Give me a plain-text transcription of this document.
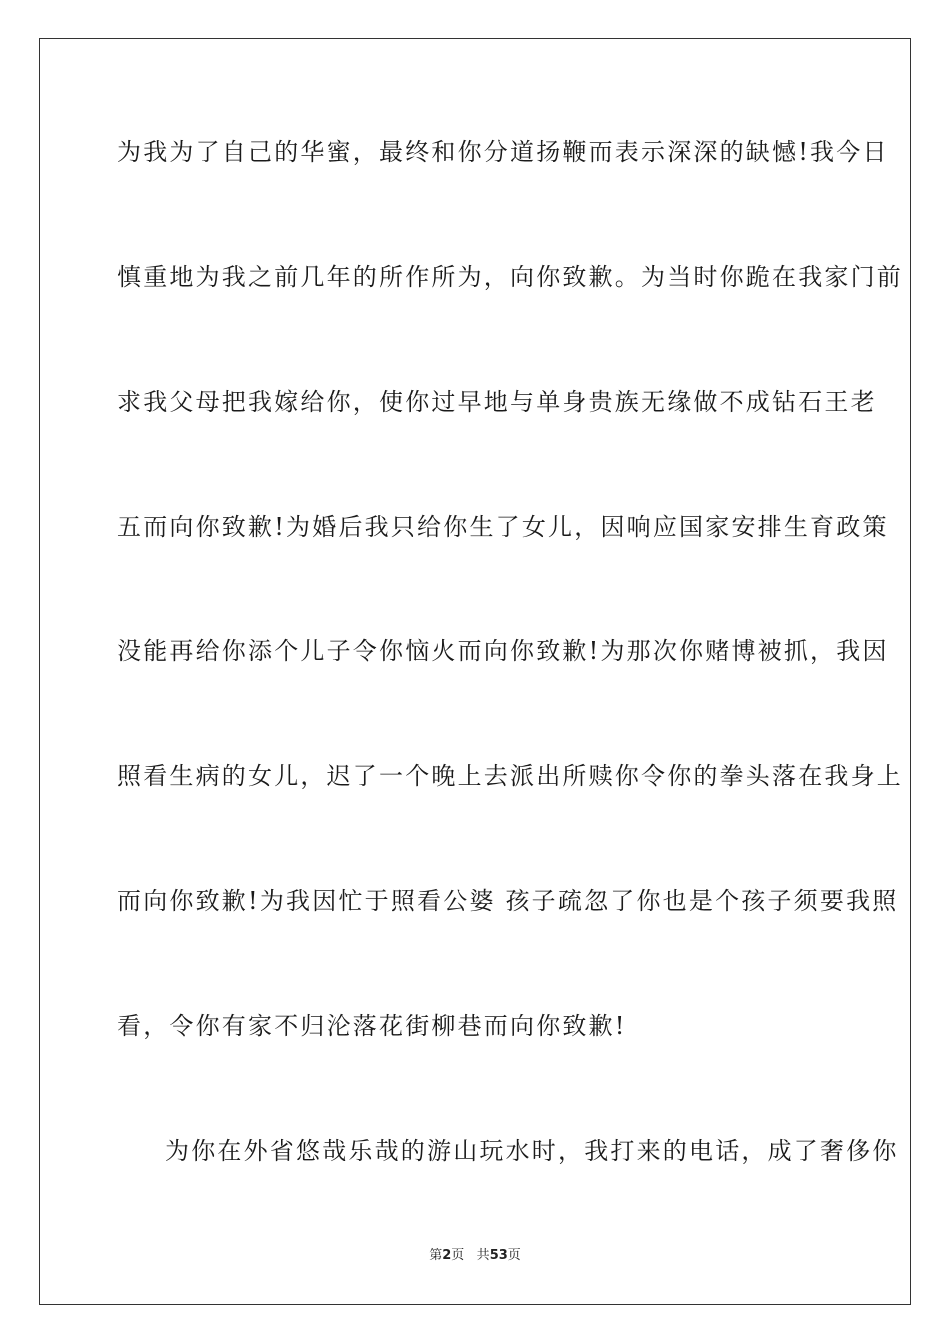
为我为了自己的华蜜，最终和你分道扬鞭而表示深深的缺憾!我今日
慎重地为我之前几年的所作所为，向你致歉。为当时你跪在我家门前
求我父母把我嫁给你，使你过早地与单身贵族无缘做不成钻石王老
五而向你致歉!为婚后我只给你生了女儿，因响应国家安排生育政策
没能再给你添个儿子令你恼火而向你致歉!为那次你赌博被抓，我因
照看生病的女儿，迟了一个晚上去派出所赎你令你的拳头落在我身上
而向你致歉!为我因忙于照看公婆 孩子疏忽了你也是个孩子须要我照
看，令你有家不归沦落花街柳巷而向你致歉!
为你在外省悠哉乐哉的游山玩水时，我打来的电话，成了奢侈你
第2页 共53页
